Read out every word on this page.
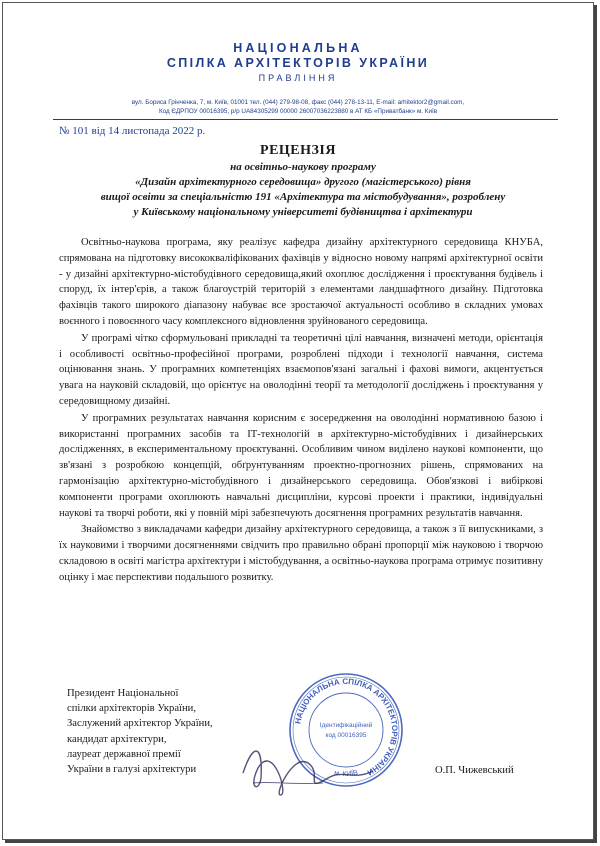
НАЦІОНАЛЬНА
СПІЛКА АРХІТЕКТОРІВ УКРАЇНИ
ПРАВЛІННЯ
вул. Бориса Грінченка, 7, м. Київ, 01001 тел. (044) 279-98-08, факс (044) 278-13-11, E-mail: arhitektor2@gmail.com,
Код ЄДРПОУ 00016395, р/р UA84305299 00000 26007036223880 в АТ КБ «Приватбанк» м. Київ
№ 101 від 14 листопада 2022 р.
РЕЦЕНЗІЯ
на освітньо-наукову програму
«Дизайн архітектурного середовища» другого (магістерського) рівня
вищої освіти за спеціальністю 191 «Архітектура та містобудування», розроблену
у Київському національному університеті будівництва і архітектури

Освітньо-наукова програма, яку реалізує кафедра дизайну архітектурного середовища КНУБА, спрямована на підготовку висококваліфікованих фахівців у відносно новому напрямі архітектурної освіти - у дизайні архітектурно-містобудівного середовища,який охоплює дослідження і проєктування будівель і споруд, їх інтер'єрів, а також благоустрій територій з елементами ландшафтного дизайну. Підготовка фахівців такого широкого діапазону набуває все зростаючої актуальності особливо в складних умовах воєнного і повоєнного часу комплексного відновлення зруйнованого середовища.

У програмі чітко сформульовані прикладні та теоретичні цілі навчання, визначені методи, орієнтація і особливості освітньо-професійної програми, розроблені підходи і технології навчання, система оцінювання знань. У програмних компетенціях взаємопов'язані загальні і фахові вимоги, акцентується увага на науковій складовій, що орієнтує на оволодінні теорії та методології досліджень і проєктування у середовищному дизайні.

У програмних результатах навчання корисним є зосередження на оволодінні нормативною базою і використанні програмних засобів та ІТ-технологій в архітектурно-містобудівних і дизайнерських дослідженнях, в експериментальному проєктуванні. Особливим чином виділено наукові компоненти, що зв'язані з розробкою концепцій, обґрунтуванням проектно-прогнозних рішень, спрямованих на гармонізацію архітектурно-містобудівного і дизайнерського середовища. Обов'язкові і вибіркові компоненти програми охоплюють навчальні дисципліни, курсові проекти і практики, індивідуальні наукові та творчі роботи, які у повній мірі забезпечують досягнення програмних результатів навчання.

Знайомство з викладачами кафедри дизайну архітектурного середовища, а також з її випускниками, з їх науковими і творчими досягненнями свідчить про правильно обрані пропорції між науковою і творчою складовою в освіті магістра архітектури і містобудування, а освітньо-наукова програма отримує позитивну оцінку і має перспективи подальшого розвитку.

Президент Національної
спілки архітекторів України,
Заслужений архітектор України,
кандидат архітектури,
лауреат державної премії
України в галузі архітектури
НАЦІОНАЛЬНА СПІЛКА АРХІТЕКТОРІВ УКРАЇНИ
м. КИЇВ
Ідентифікаційний
код 00016395
О.П. Чижевський
